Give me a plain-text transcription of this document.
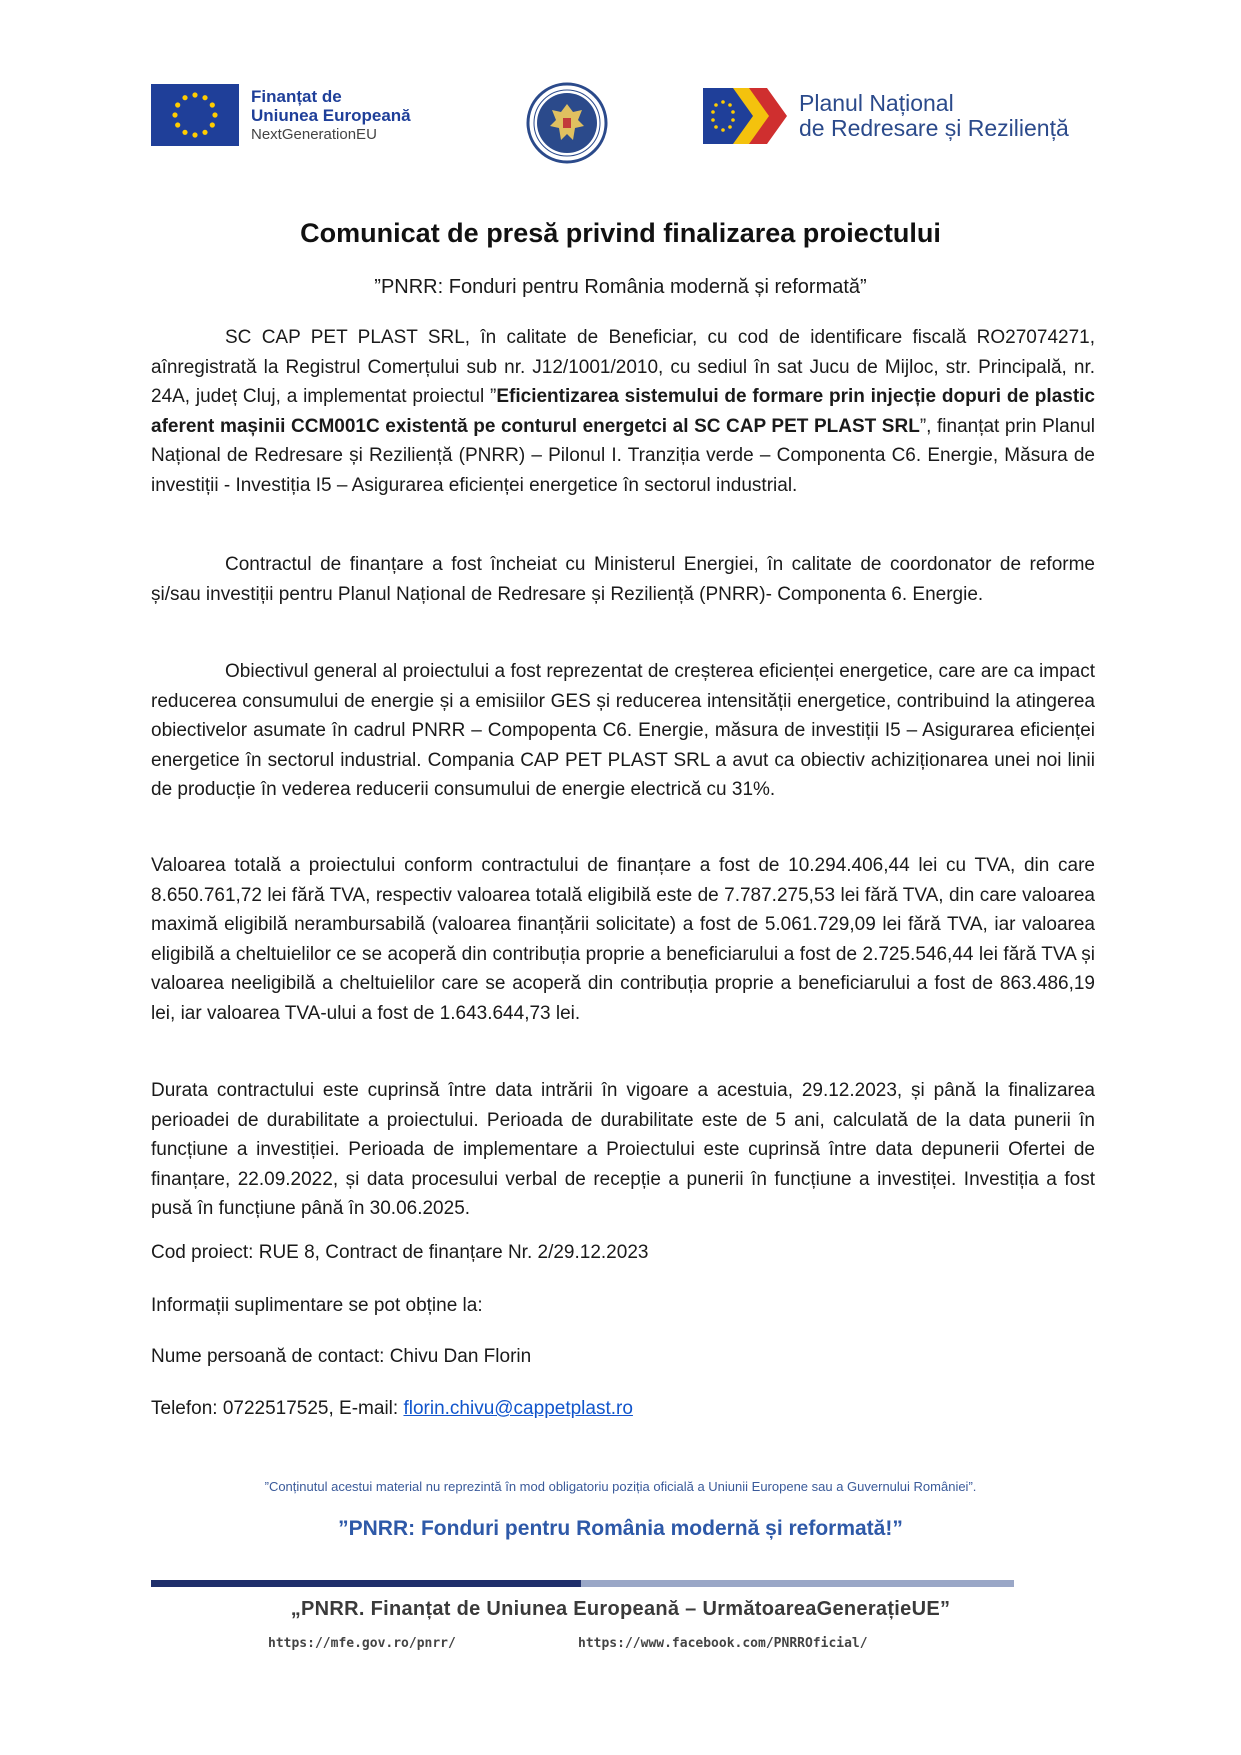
Finanțat de
Uniunea Europeană
NextGenerationEU
Planul Național
de Redresare și Reziliență
Comunicat de presă privind finalizarea proiectului
”PNRR: Fonduri pentru România modernă și reformată”
SC CAP PET PLAST SRL, în calitate de Beneficiar, cu cod de identificare fiscală RO27074271, aînregistrată la Registrul Comerțului sub nr. J12/1001/2010, cu sediul în sat Jucu de Mijloc, str. Principală, nr. 24A, județ Cluj, a implementat proiectul ”Eficientizarea sistemului de formare prin injecție dopuri de plastic aferent mașinii CCM001C existentă pe conturul energetci al SC CAP PET PLAST SRL”, finanțat prin Planul Național de Redresare și Reziliență (PNRR) – Pilonul I. Tranziția verde – Componenta C6. Energie, Măsura de investiții - Investiția I5 – Asigurarea eficienței energetice în sectorul industrial.
Contractul de finanțare a fost încheiat cu Ministerul Energiei, în calitate de coordonator de reforme și/sau investiții pentru Planul Național de Redresare și Reziliență (PNRR)- Componenta 6. Energie.
Obiectivul general al proiectului a fost reprezentat de creșterea eficienței energetice, care are ca impact reducerea consumului de energie și a emisiilor GES și reducerea intensității energetice, contribuind la atingerea obiectivelor asumate în cadrul PNRR – Compopenta C6. Energie, măsura de investiții I5 – Asigurarea eficienței energetice în sectorul industrial. Compania CAP PET PLAST SRL a avut ca obiectiv achiziționarea unei noi linii de producție în vederea reducerii consumului de energie electrică cu 31%.
Valoarea totală a proiectului conform contractului de finanțare a fost de 10.294.406,44 lei cu TVA, din care 8.650.761,72 lei fără TVA, respectiv valoarea totală eligibilă este de 7.787.275,53 lei fără TVA, din care valoarea maximă eligibilă nerambursabilă (valoarea finanțării solicitate) a fost de 5.061.729,09 lei fără TVA, iar valoarea eligibilă a cheltuielilor ce se acoperă din contribuția proprie a beneficiarului a fost de 2.725.546,44 lei fără TVA și valoarea neeligibilă a cheltuielilor care se acoperă din contribuția proprie a beneficiarului a fost de 863.486,19 lei, iar valoarea TVA-ului a fost de 1.643.644,73 lei.
Durata contractului este cuprinsă între data intrării în vigoare a acestuia, 29.12.2023, și până la finalizarea perioadei de durabilitate a proiectului. Perioada de durabilitate este de 5 ani, calculată de la data punerii în funcțiune a investiției. Perioada de implementare a Proiectului este cuprinsă între data depunerii Ofertei de finanțare, 22.09.2022, și data procesului verbal de recepție a punerii în funcțiune a investiței. Investiția a fost pusă în funcțiune până în 30.06.2025.
Cod proiect: RUE 8, Contract de finanțare Nr. 2/29.12.2023
Informații suplimentare se pot obține la:
Nume persoană de contact: Chivu Dan Florin
Telefon: 0722517525, E-mail: florin.chivu@cappetplast.ro
”Conținutul acestui material nu reprezintă în mod obligatoriu poziția oficială a Uniunii Europene sau a Guvernului României”.
”PNRR: Fonduri pentru România modernă și reformată!”
„PNRR. Finanțat de Uniunea Europeană – UrmătoareaGenerațieUE”
https://mfe.gov.ro/pnrr/	https://www.facebook.com/PNRROficial/
